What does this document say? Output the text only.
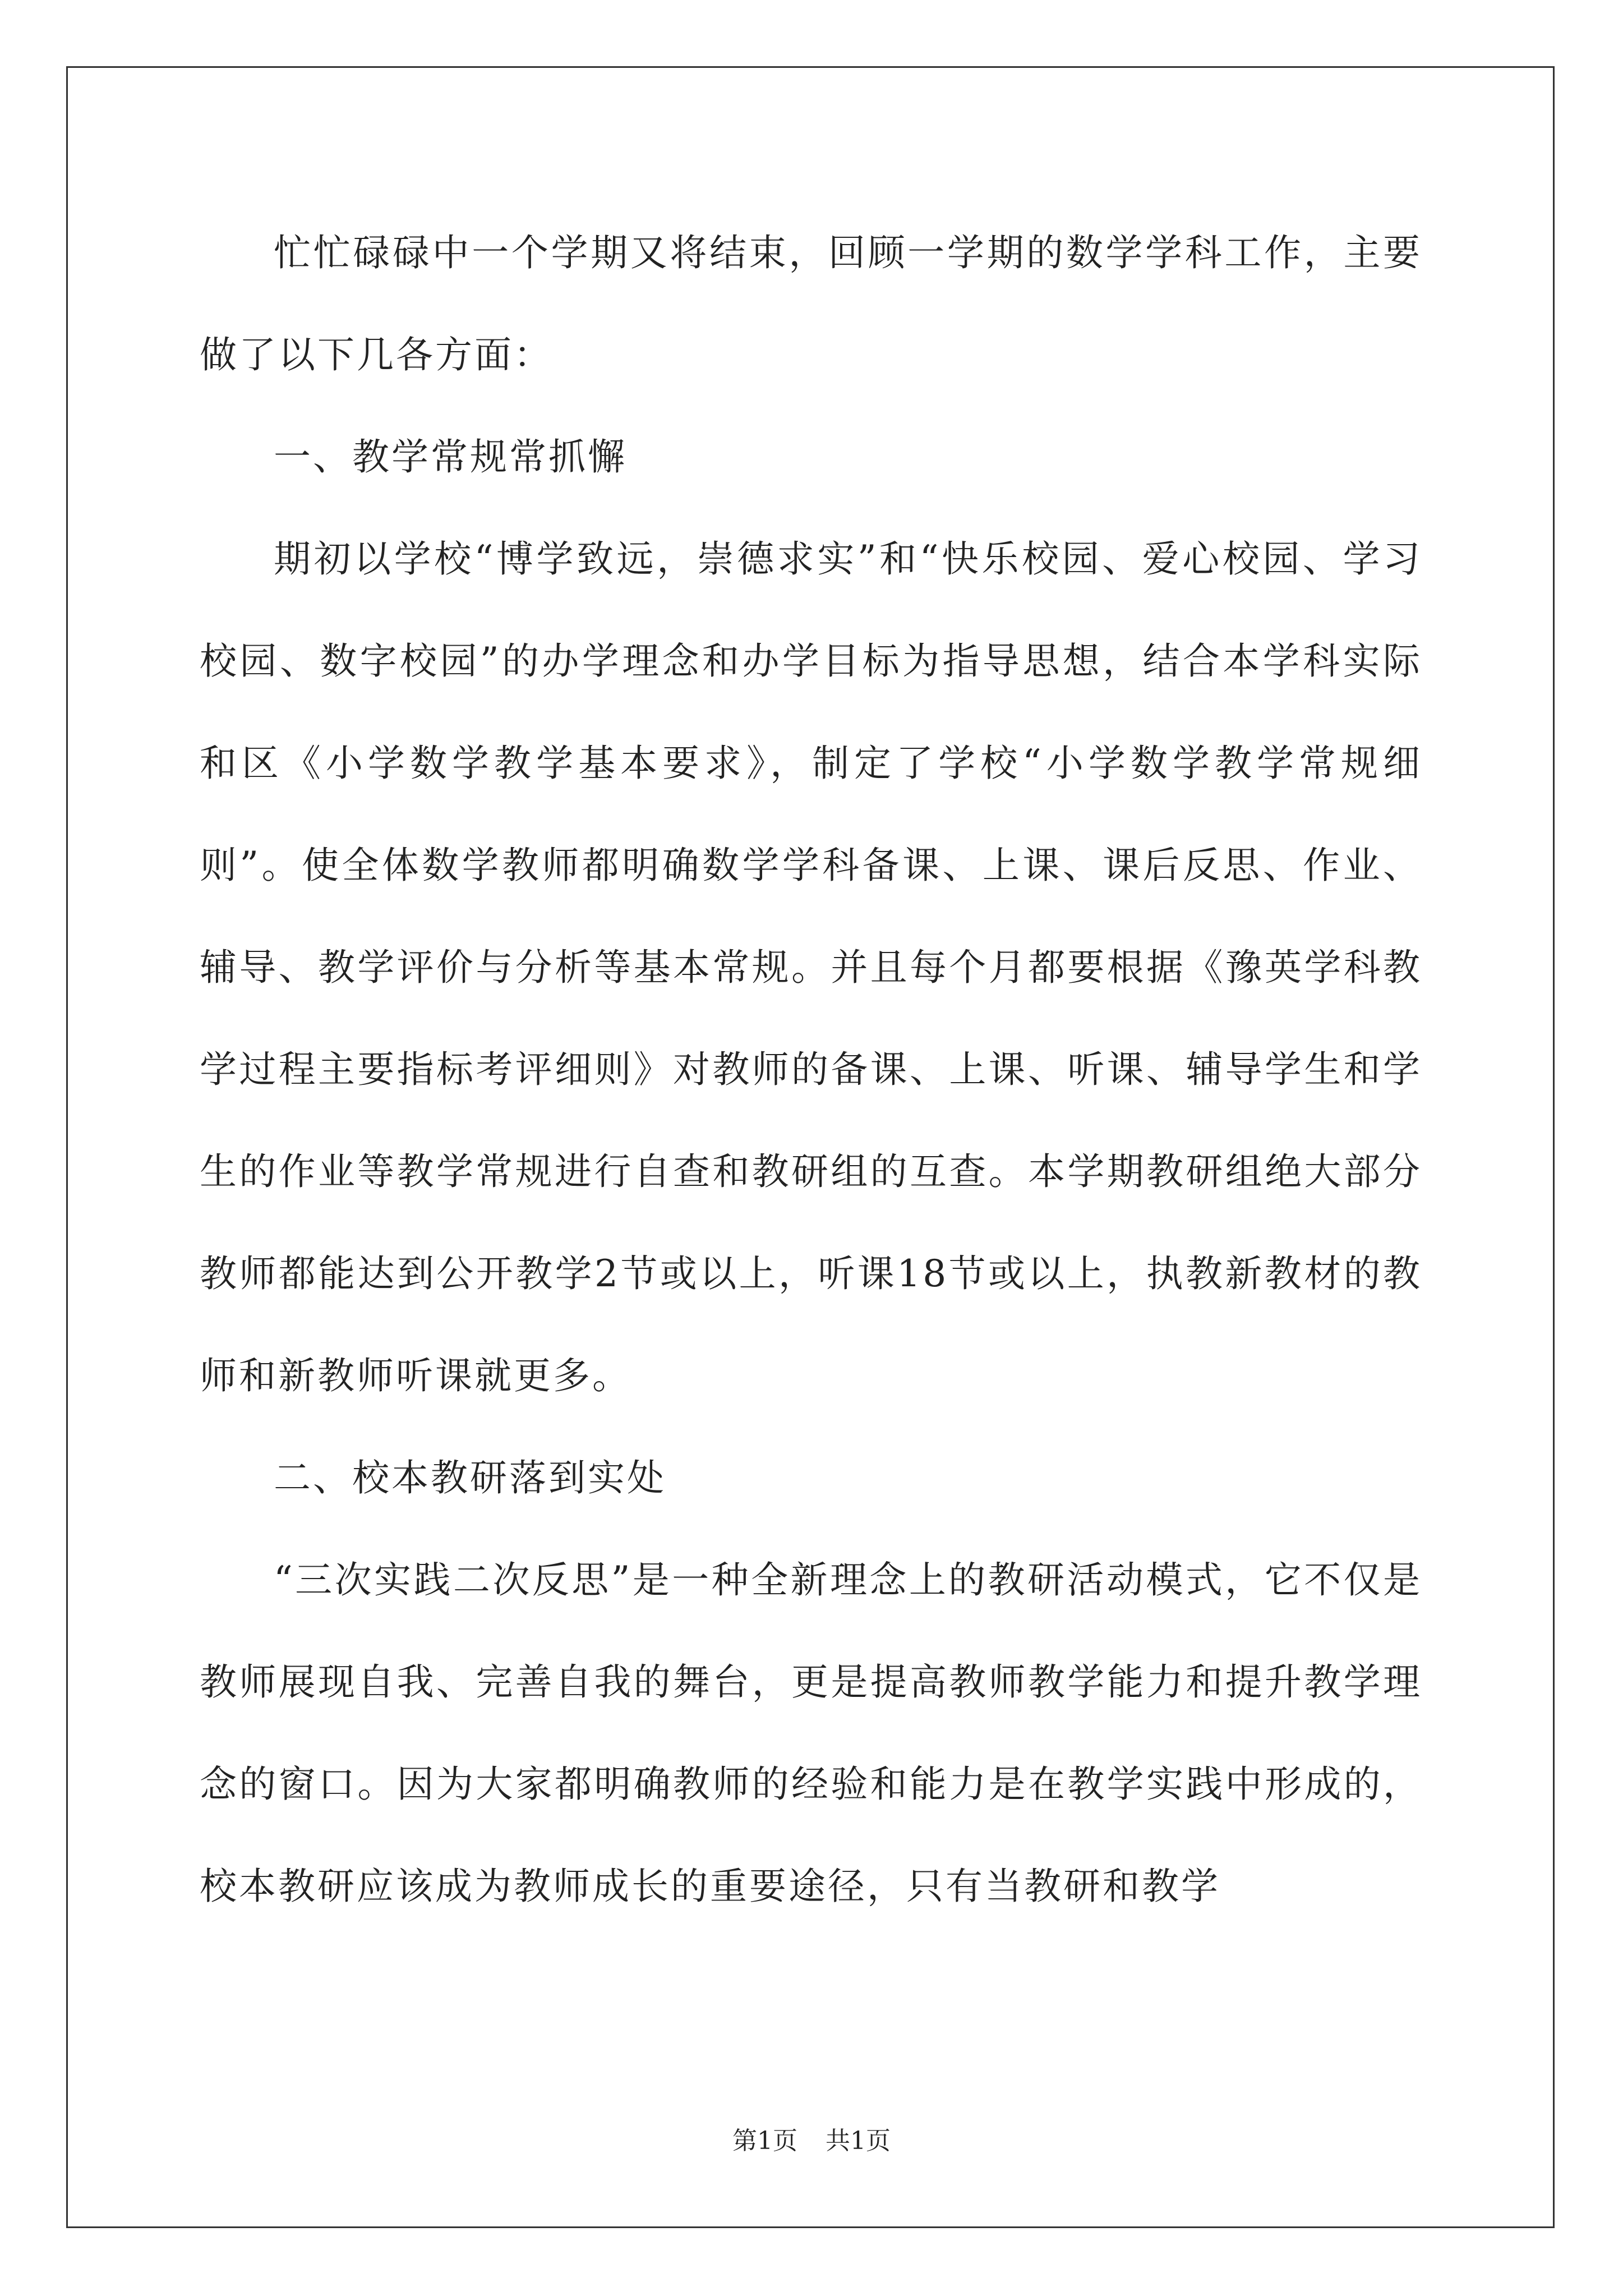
忙忙碌碌中一个学期又将结束，回顾一学期的数学学科工作，主要做了以下几各方面：

一、教学常规常抓懈

期初以学校“博学致远，崇德求实”和“快乐校园、爱心校园、学习校园、数字校园”的办学理念和办学目标为指导思想，结合本学科实际和区《小学数学教学基本要求》，制定了学校“小学数学教学常规细则”。使全体数学教师都明确数学学科备课、上课、课后反思、作业、辅导、教学评价与分析等基本常规。并且每个月都要根据《豫英学科教学过程主要指标考评细则》对教师的备课、上课、听课、辅导学生和学生的作业等教学常规进行自查和教研组的互查。本学期教研组绝大部分教师都能达到公开教学2节或以上，听课18节或以上，执教新教材的教师和新教师听课就更多。

二、校本教研落到实处

“三次实践二次反思”是一种全新理念上的教研活动模式，它不仅是教师展现自我、完善自我的舞台，更是提高教师教学能力和提升教学理念的窗口。因为大家都明确教师的经验和能力是在教学实践中形成的，校本教研应该成为教师成长的重要途径，只有当教研和教学

第1页 共1页
